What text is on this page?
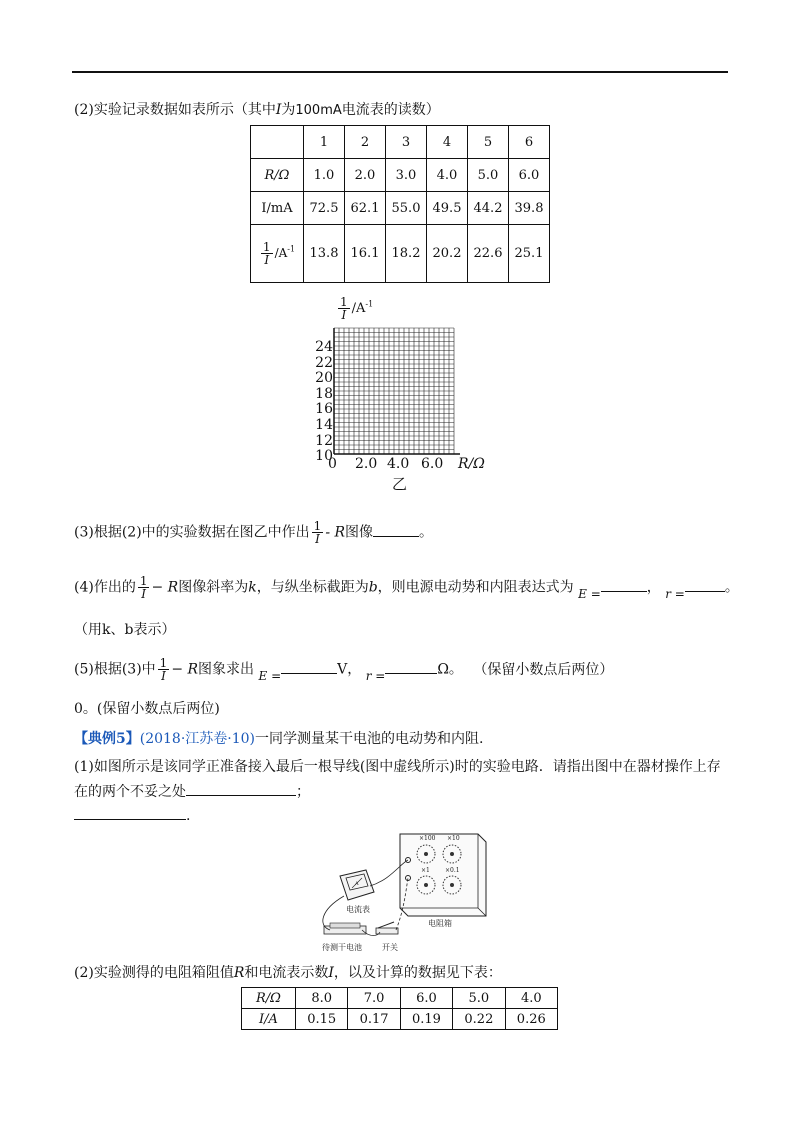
(2)实验记录数据如表所示（其中I为100mA电流表的读数）
	1	2	3	4	5	6
R/Ω	1.0	2.0	3.0	4.0	5.0	6.0
I/mA	72.5	62.1	55.0	49.5	44.2	39.8

$\frac{1}{I} /A^{-1}$	13.8	16.1	18.2	20.2	22.6	25.1
$\frac{1}{I} /A^{-1}$
24
22
20
18
16
14
12
10
0 2.0 4.0 6.0 R/Ω
乙
(3)根据(2)中的实验数据在图乙中作出 $\frac{1}{I}$ - R图像	。
(4)作出的 $\frac{1}{I} - R$图像斜率为k，与纵坐标截距为b，则电源电动势和内阻表达式为 E =	， r =	。
（用k、b表示）
(5)根据(3)中 $\frac{1}{I} - R$图象求出 E =	V， r =	Ω。 （保留小数点后两位）
0。(保留小数点后两位)
【典例5】(2018·江苏卷·10)一同学测量某干电池的电动势和内阻.
(1)如图所示是该同学正准备接入最后一根导线(图中虚线所示)时的实验电路．请指出图中在器材操作上存
在的两个不妥之处	；
.
×100 ×10
×1	×0.1
电阻箱
A
电流表
待测干电池	开关
(2)实验测得的电阻箱阻值R和电流表示数I，以及计算的数据见下表：
R/Ω	8.0	7.0	6.0	5.0	4.0
I/A	0.15	0.17	0.19	0.22	0.26
